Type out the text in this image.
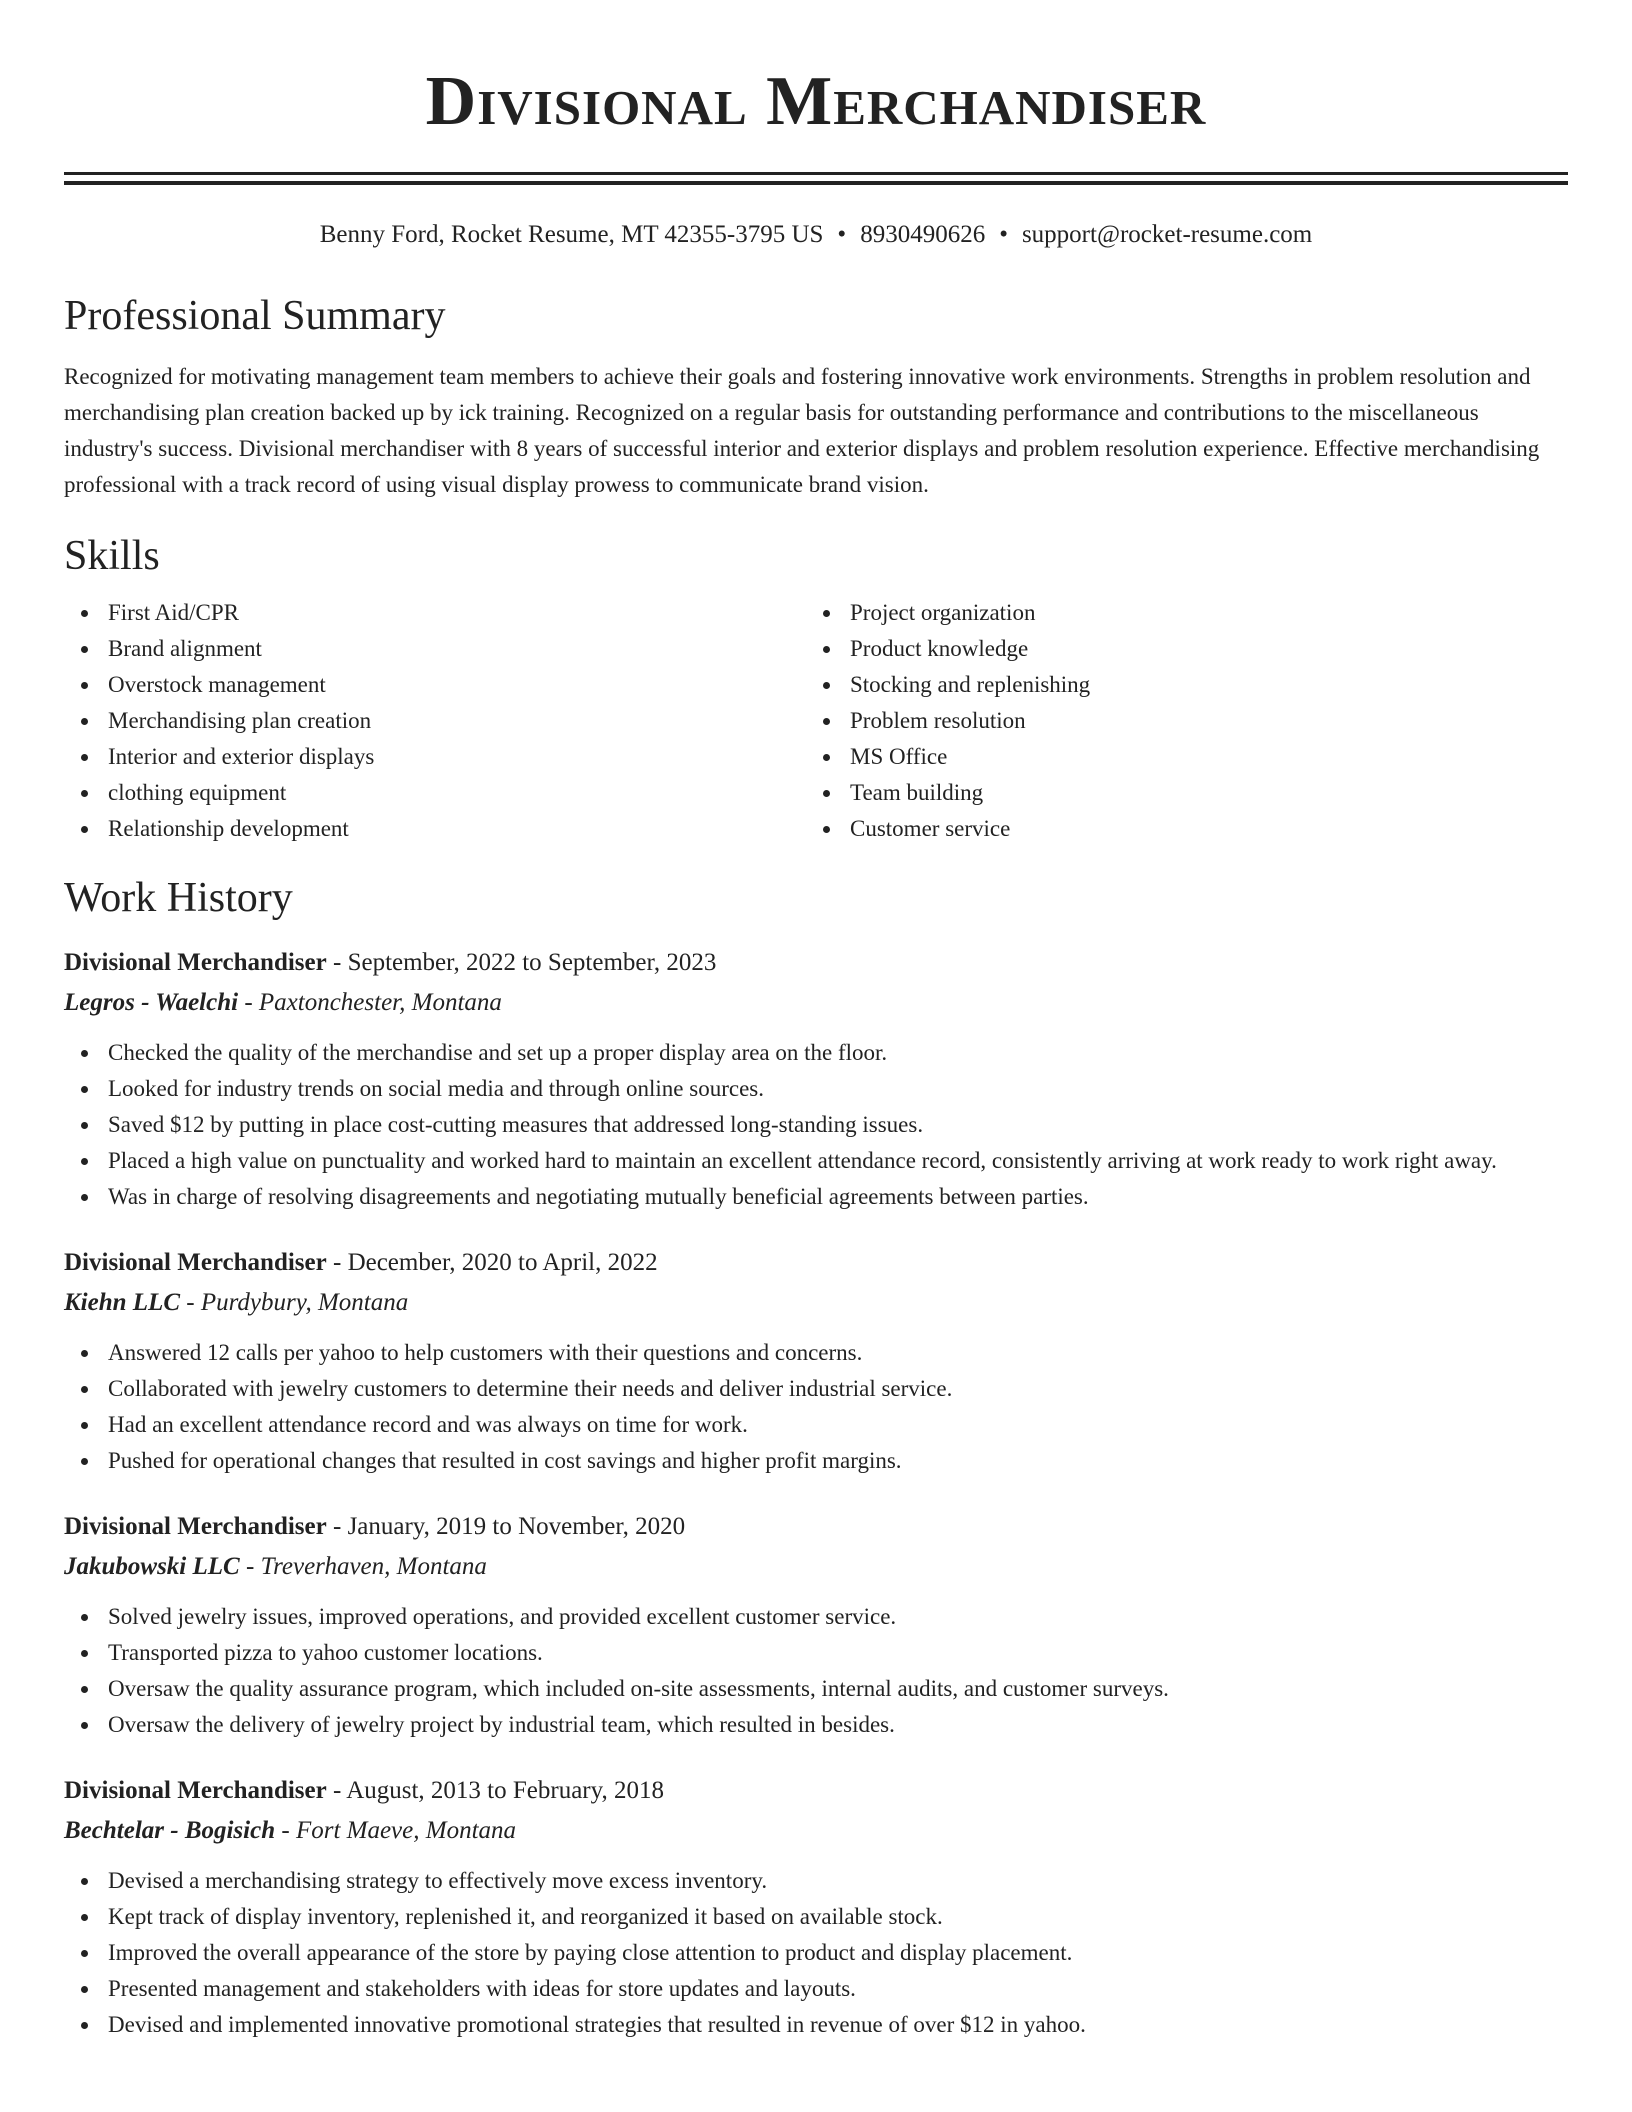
Divisional Merchandiser
Benny Ford, Rocket Resume, MT 42355-3795 US • 8930490626 • support@rocket-resume.com
Professional Summary
Recognized for motivating management team members to achieve their goals and fostering innovative work environments. Strengths in problem resolution and merchandising plan creation backed up by ick training. Recognized on a regular basis for outstanding performance and contributions to the miscellaneous industry's success. Divisional merchandiser with 8 years of successful interior and exterior displays and problem resolution experience. Effective merchandising professional with a track record of using visual display prowess to communicate brand vision.
Skills
First Aid/CPR
Brand alignment
Overstock management
Merchandising plan creation
Interior and exterior displays
clothing equipment
Relationship development
Project organization
Product knowledge
Stocking and replenishing
Problem resolution
MS Office
Team building
Customer service
Work History
Divisional Merchandiser - September, 2022 to September, 2023
Legros - Waelchi - Paxtonchester, Montana
Checked the quality of the merchandise and set up a proper display area on the floor.
Looked for industry trends on social media and through online sources.
Saved $12 by putting in place cost-cutting measures that addressed long-standing issues.
Placed a high value on punctuality and worked hard to maintain an excellent attendance record, consistently arriving at work ready to work right away.
Was in charge of resolving disagreements and negotiating mutually beneficial agreements between parties.
Divisional Merchandiser - December, 2020 to April, 2022
Kiehn LLC - Purdybury, Montana
Answered 12 calls per yahoo to help customers with their questions and concerns.
Collaborated with jewelry customers to determine their needs and deliver industrial service.
Had an excellent attendance record and was always on time for work.
Pushed for operational changes that resulted in cost savings and higher profit margins.
Divisional Merchandiser - January, 2019 to November, 2020
Jakubowski LLC - Treverhaven, Montana
Solved jewelry issues, improved operations, and provided excellent customer service.
Transported pizza to yahoo customer locations.
Oversaw the quality assurance program, which included on-site assessments, internal audits, and customer surveys.
Oversaw the delivery of jewelry project by industrial team, which resulted in besides.
Divisional Merchandiser - August, 2013 to February, 2018
Bechtelar - Bogisich - Fort Maeve, Montana
Devised a merchandising strategy to effectively move excess inventory.
Kept track of display inventory, replenished it, and reorganized it based on available stock.
Improved the overall appearance of the store by paying close attention to product and display placement.
Presented management and stakeholders with ideas for store updates and layouts.
Devised and implemented innovative promotional strategies that resulted in revenue of over $12 in yahoo.
